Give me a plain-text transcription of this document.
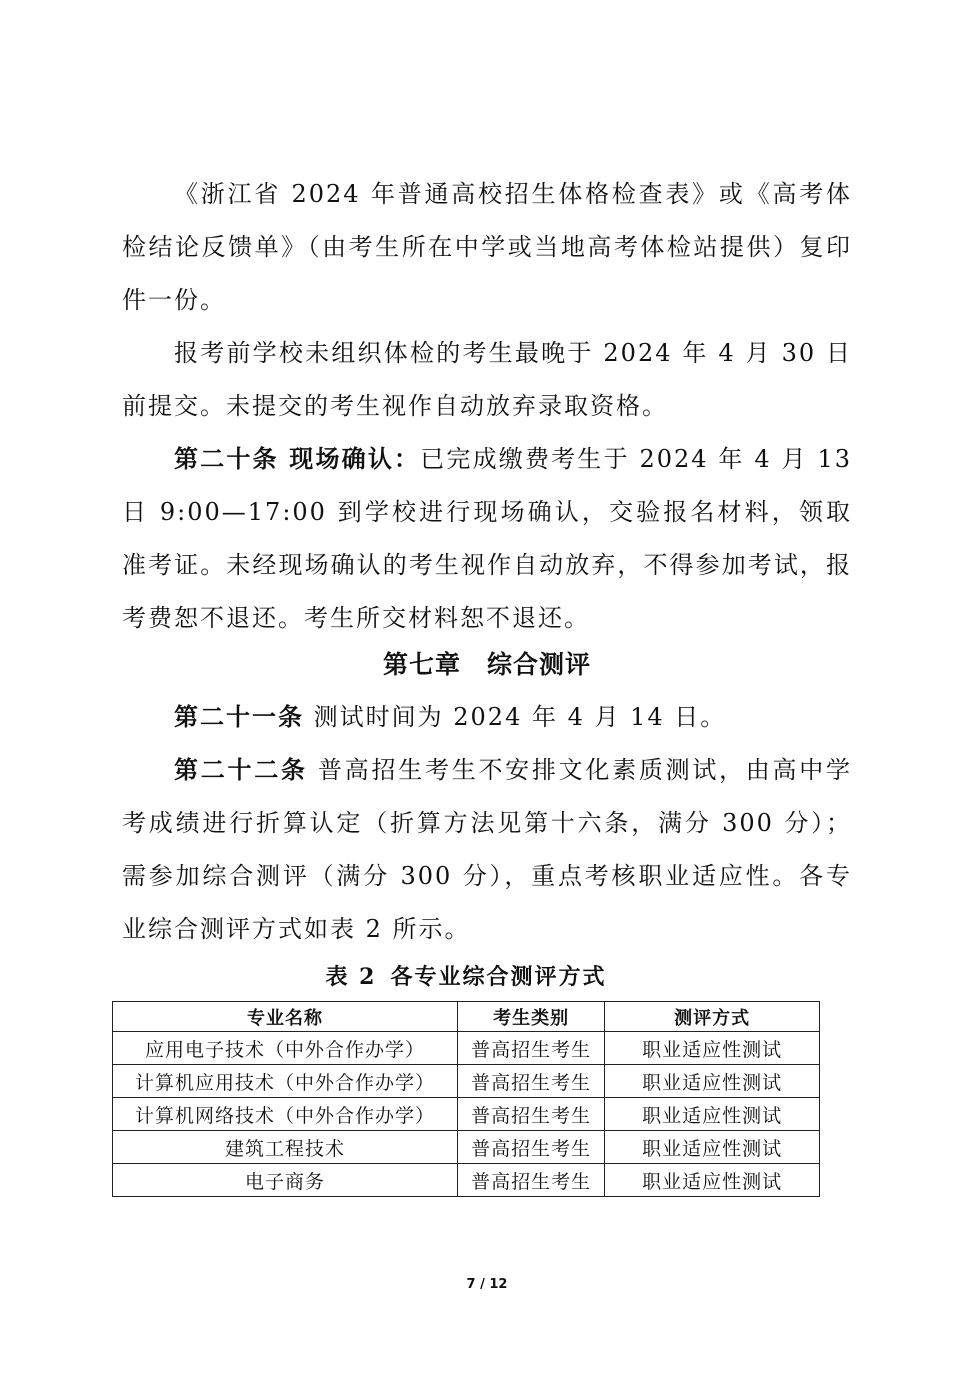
《浙江省 2024 年普通高校招生体格检查表》或《高考体检结论反馈单》（由考生所在中学或当地高考体检站提供）复印件一份。

报考前学校未组织体检的考生最晚于 2024 年 4 月 30 日前提交。未提交的考生视作自动放弃录取资格。

第二十条 现场确认：已完成缴费考生于 2024 年 4 月 13 日 9:00—17:00 到学校进行现场确认，交验报名材料，领取准考证。未经现场确认的考生视作自动放弃，不得参加考试，报考费恕不退还。考生所交材料恕不退还。

第七章 综合测评

第二十一条 测试时间为 2024 年 4 月 14 日。

第二十二条 普高招生考生不安排文化素质测试，由高中学考成绩进行折算认定（折算方法见第十六条，满分 300 分）；需参加综合测评（满分 300 分），重点考核职业适应性。各专业综合测评方式如表 2 所示。

表 2 各专业综合测评方式

专业名称	考生类别	测评方式
应用电子技术（中外合作办学）	普高招生考生	职业适应性测试
计算机应用技术（中外合作办学）	普高招生考生	职业适应性测试
计算机网络技术（中外合作办学）	普高招生考生	职业适应性测试
建筑工程技术	普高招生考生	职业适应性测试
电子商务	普高招生考生	职业适应性测试

7 / 12
